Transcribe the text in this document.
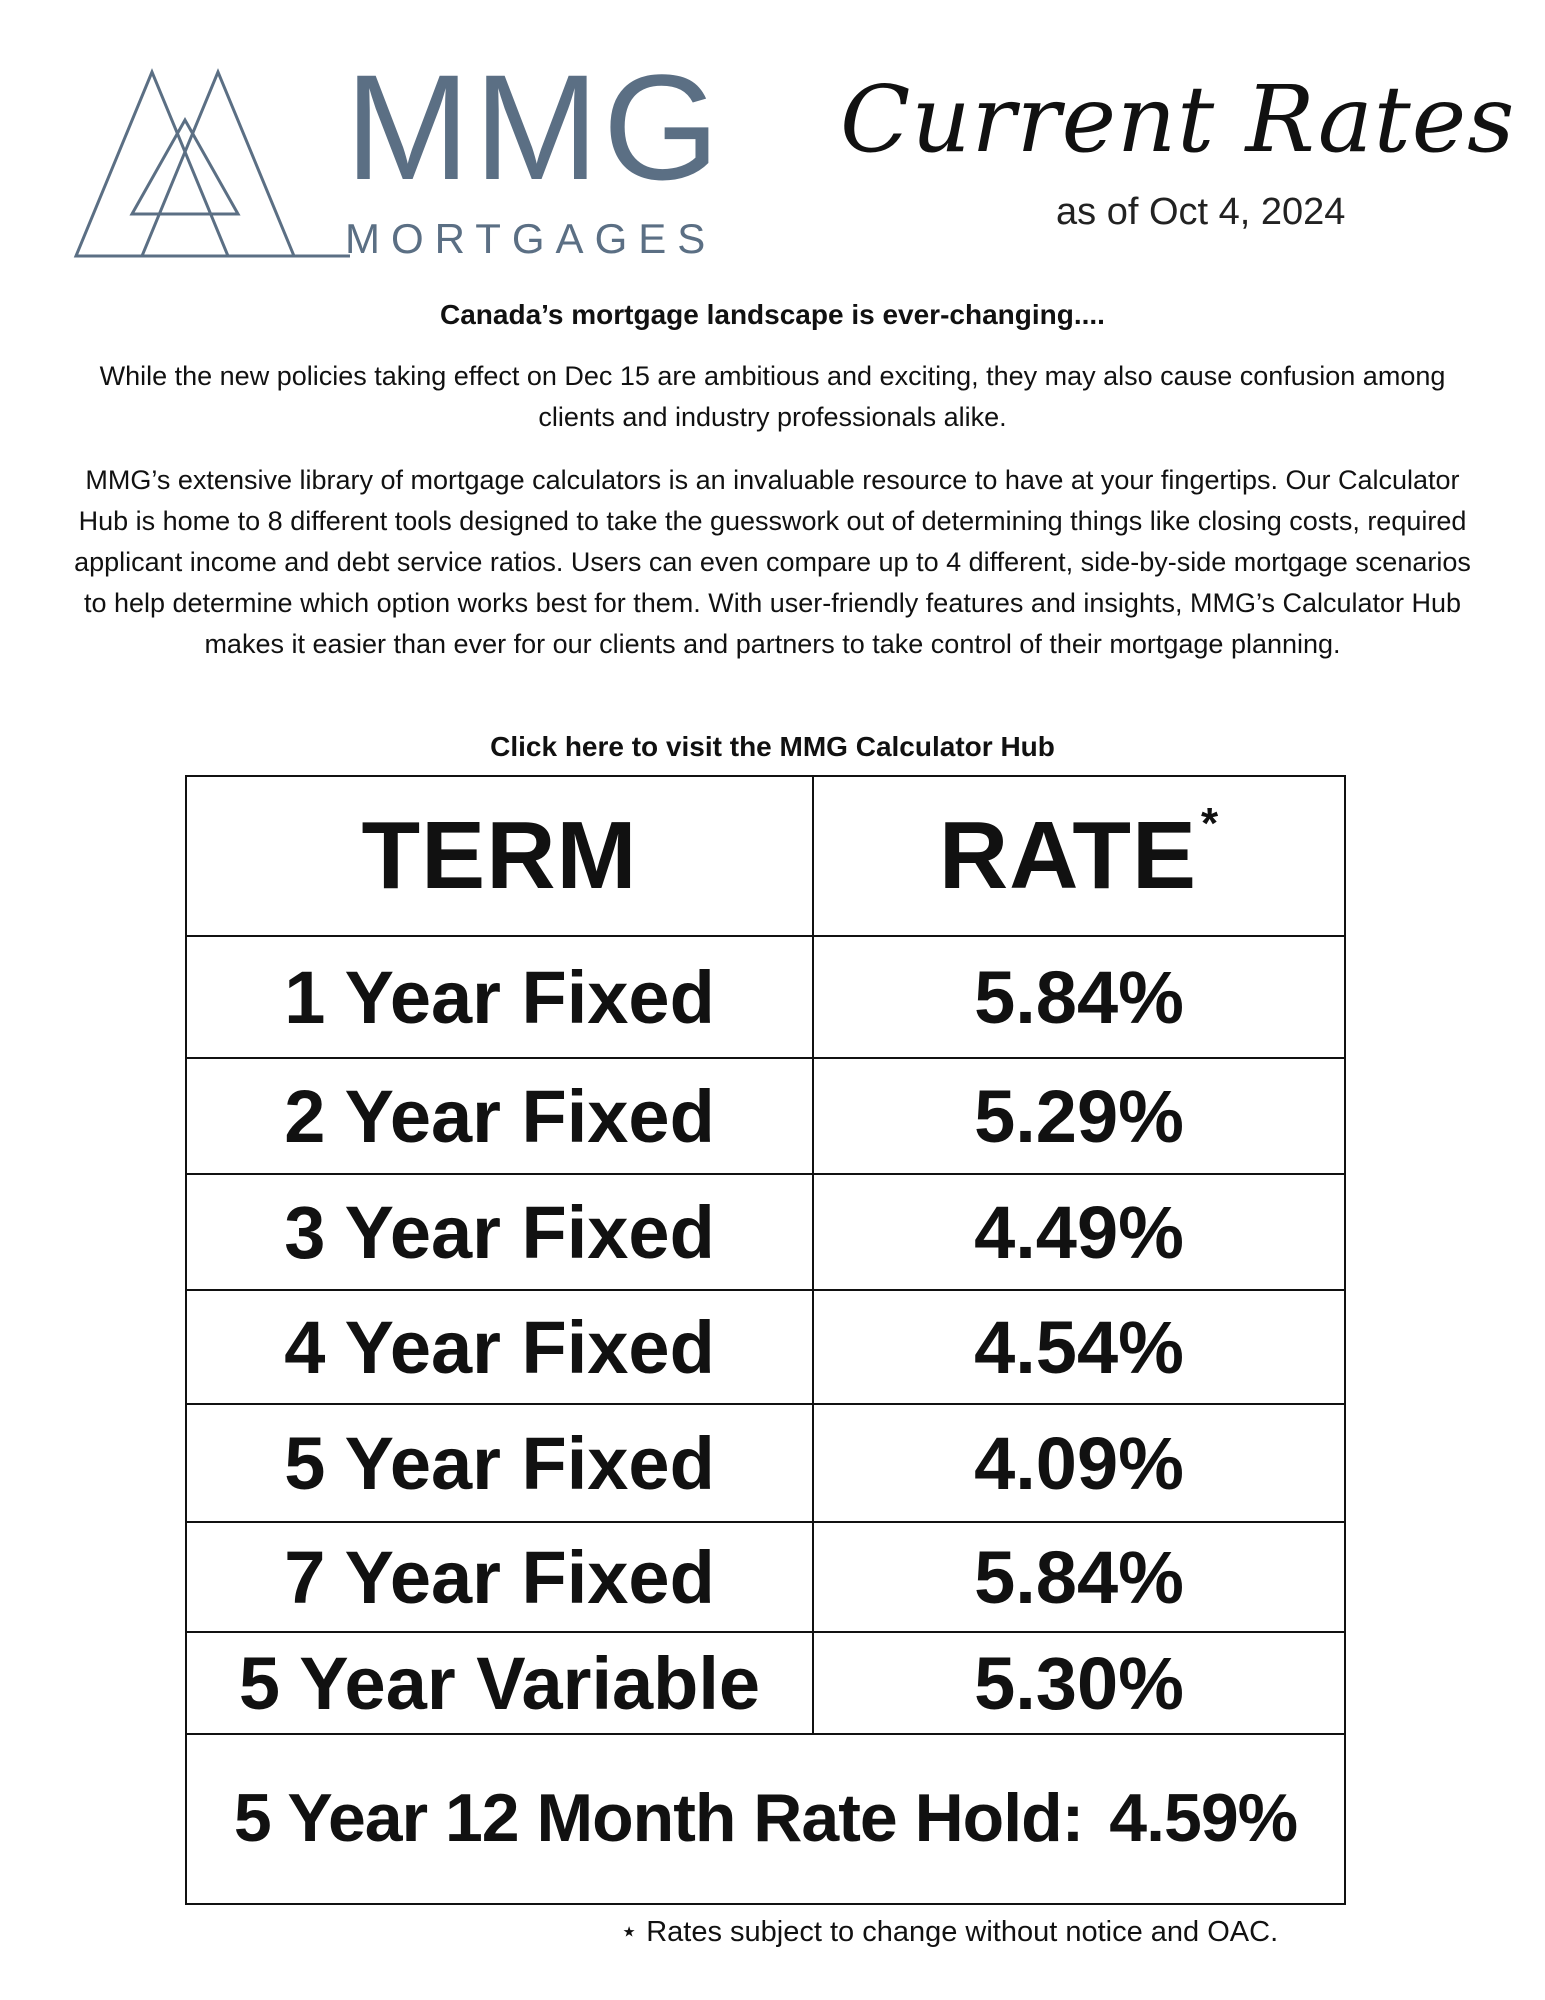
MMG
MORTGAGES
Current Rates
as of Oct 4, 2024
Canada’s mortgage landscape is ever-changing....
While the new policies taking effect on Dec 15 are ambitious and exciting, they may also cause confusion among clients and industry professionals alike.
MMG’s extensive library of mortgage calculators is an invaluable resource to have at your fingertips. Our Calculator Hub is home to 8 different tools designed to take the guesswork out of determining things like closing costs, required applicant income and debt service ratios. Users can even compare up to 4 different, side-by-side mortgage scenarios to help determine which option works best for them. With user-friendly features and insights, MMG’s Calculator Hub makes it easier than ever for our clients and partners to take control of their mortgage planning.
Click here to visit the MMG Calculator Hub
TERM	RATE *
1 Year Fixed	5.84%
2 Year Fixed	5.29%
3 Year Fixed	4.49%
4 Year Fixed	4.54%
5 Year Fixed	4.09%
7 Year Fixed	5.84%
5 Year Variable	5.30%
5 Year 12 Month Rate Hold: 4.59%
⋆ Rates subject to change without notice and OAC.
